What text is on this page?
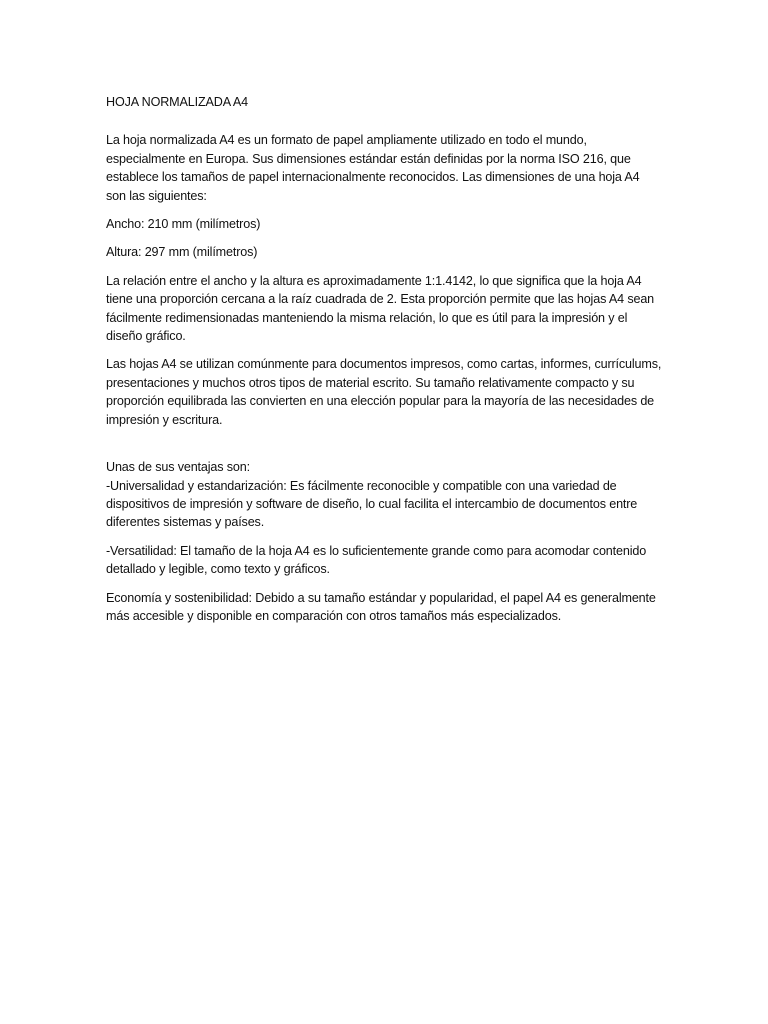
HOJA NORMALIZADA A4

La hoja normalizada A4 es un formato de papel ampliamente utilizado en todo el mundo, especialmente en Europa. Sus dimensiones estándar están definidas por la norma ISO 216, que establece los tamaños de papel internacionalmente reconocidos. Las dimensiones de una hoja A4 son las siguientes:

Ancho: 210 mm (milímetros)

Altura: 297 mm (milímetros)

La relación entre el ancho y la altura es aproximadamente 1:1.4142, lo que significa que la hoja A4 tiene una proporción cercana a la raíz cuadrada de 2. Esta proporción permite que las hojas A4 sean fácilmente redimensionadas manteniendo la misma relación, lo que es útil para la impresión y el diseño gráfico.

Las hojas A4 se utilizan comúnmente para documentos impresos, como cartas, informes, currículums, presentaciones y muchos otros tipos de material escrito. Su tamaño relativamente compacto y su proporción equilibrada las convierten en una elección popular para la mayoría de las necesidades de impresión y escritura.

Unas de sus ventajas son:

-Universalidad y estandarización: Es fácilmente reconocible y compatible con una variedad de dispositivos de impresión y software de diseño, lo cual facilita el intercambio de documentos entre diferentes sistemas y países.

-Versatilidad: El tamaño de la hoja A4 es lo suficientemente grande como para acomodar contenido detallado y legible, como texto y gráficos.

Economía y sostenibilidad: Debido a su tamaño estándar y popularidad, el papel A4 es generalmente más accesible y disponible en comparación con otros tamaños más especializados.
